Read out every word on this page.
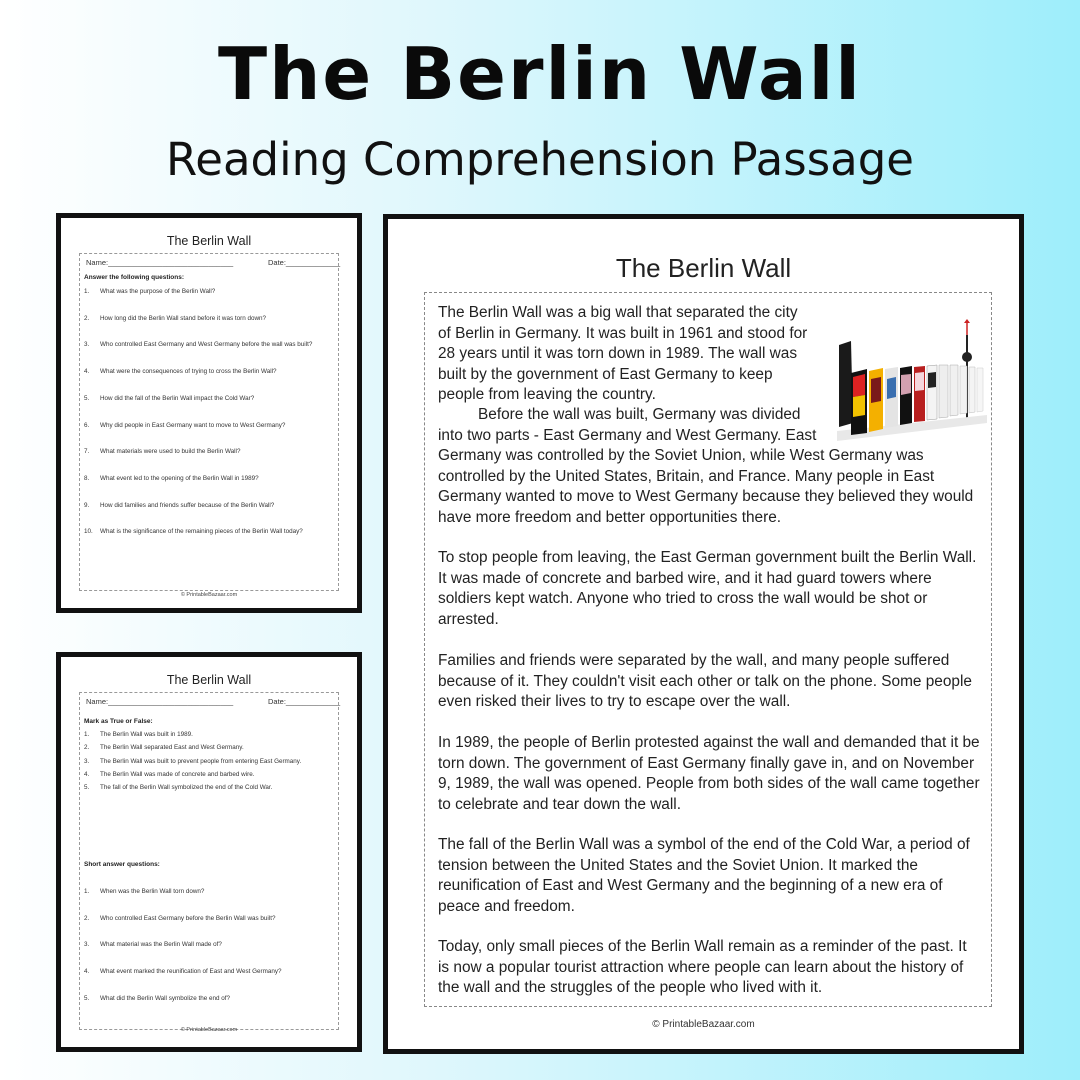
The Berlin Wall
Reading Comprehension Passage
The Berlin Wall
Name:______________________________	Date:_____________
Answer the following questions:
1. What was the purpose of the Berlin Wall?
2. How long did the Berlin Wall stand before it was torn down?
3. Who controlled East Germany and West Germany before the wall was built?
4. What were the consequences of trying to cross the Berlin Wall?
5. How did the fall of the Berlin Wall impact the Cold War?
6. Why did people in East Germany want to move to West Germany?
7. What materials were used to build the Berlin Wall?
8. What event led to the opening of the Berlin Wall in 1989?
9. How did families and friends suffer because of the Berlin Wall?
10. What is the significance of the remaining pieces of the Berlin Wall today?
© PrintableBazaar.com
The Berlin Wall
Name:______________________________	Date:_____________
Mark as True or False:
1. The Berlin Wall was built in 1989.
2. The Berlin Wall separated East and West Germany.
3. The Berlin Wall was built to prevent people from entering East Germany.
4. The Berlin Wall was made of concrete and barbed wire.
5. The fall of the Berlin Wall symbolized the end of the Cold War.
Short answer questions:
1. When was the Berlin Wall torn down?
2. Who controlled East Germany before the Berlin Wall was built?
3. What material was the Berlin Wall made of?
4. What event marked the reunification of East and West Germany?
5. What did the Berlin Wall symbolize the end of?
© PrintableBazaar.com
The Berlin Wall
The Berlin Wall was a big wall that separated the city of Berlin in Germany. It was built in 1961 and stood for 28 years until it was torn down in 1989. The wall was built by the government of East Germany to keep people from leaving the country.
Before the wall was built, Germany was divided
into two parts - East Germany and West Germany. East
Germany was controlled by the Soviet Union, while West Germany was controlled by the United States, Britain, and France. Many people in East Germany wanted to move to West Germany because they believed they would have more freedom and better opportunities there.
To stop people from leaving, the East German government built the Berlin Wall. It was made of concrete and barbed wire, and it had guard towers where soldiers kept watch. Anyone who tried to cross the wall would be shot or arrested.
Families and friends were separated by the wall, and many people suffered because of it. They couldn't visit each other or talk on the phone. Some people even risked their lives to try to escape over the wall.
In 1989, the people of Berlin protested against the wall and demanded that it be torn down. The government of East Germany finally gave in, and on November 9, 1989, the wall was opened. People from both sides of the wall came together to celebrate and tear down the wall.
The fall of the Berlin Wall was a symbol of the end of the Cold War, a period of tension between the United States and the Soviet Union. It marked the reunification of East and West Germany and the beginning of a new era of peace and freedom.
Today, only small pieces of the Berlin Wall remain as a reminder of the past. It is now a popular tourist attraction where people can learn about the history of the wall and the struggles of the people who lived with it.
© PrintableBazaar.com
